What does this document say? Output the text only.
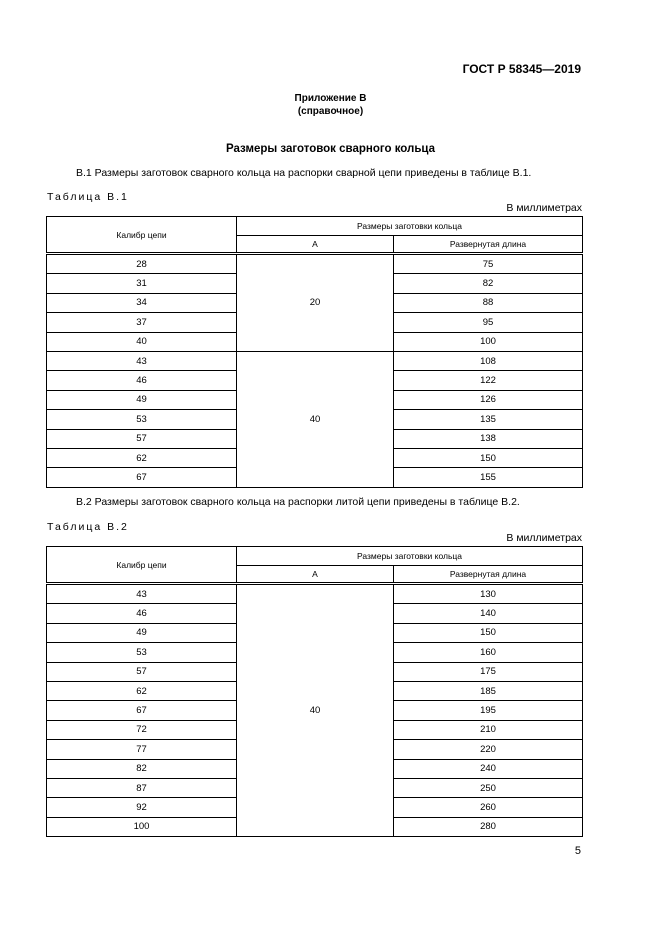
ГОСТ Р 58345—2019
Приложение В
(справочное)
Размеры заготовок сварного кольца
В.1 Размеры заготовок сварного кольца на распорки сварной цепи приведены в таблице В.1.
Таблица В.1
В миллиметрах
Калибр цепи	Размеры заготовки кольца	
	А	Развернутая длина
28	20	75
31		82
34		88
37		95
40		100
43	40	108
46		122
49		126
53		135
57		138
62		150
67		155
В.2 Размеры заготовок сварного кольца на распорки литой цепи приведены в таблице В.2.
Таблица В.2
В миллиметрах
Калибр цепи	Размеры заготовки кольца	
	А	Развернутая длина
43	40	130
46		140
49		150
53		160
57		175
62		185
67		195
72		210
77		220
82		240
87		250
92		260
100		280
5
